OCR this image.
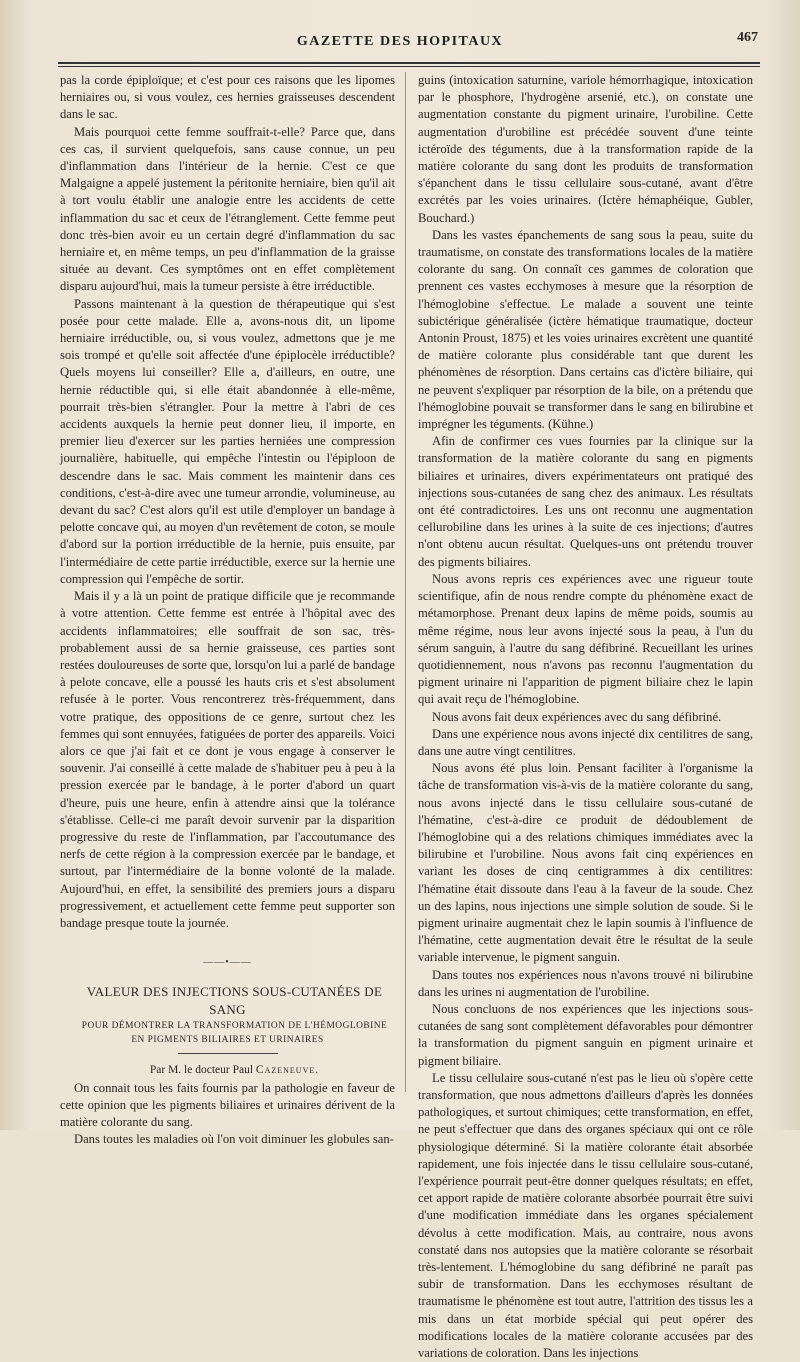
GAZETTE DES HOPITAUX	467

pas la corde épiploïque; et c'est pour ces raisons que les lipomes herniaires ou, si vous voulez, ces hernies graisseuses descendent dans le sac.

Mais pourquoi cette femme souffrait-t-elle? Parce que, dans ces cas, il survient quelquefois, sans cause connue, un peu d'inflammation dans l'intérieur de la hernie. C'est ce que Malgaigne a appelé justement la péritonite herniaire, bien qu'il ait à tort voulu établir une analogie entre les accidents de cette inflammation du sac et ceux de l'étranglement. Cette femme peut donc très-bien avoir eu un certain degré d'inflammation du sac herniaire et, en même temps, un peu d'inflammation de la graisse située au devant. Ces symptômes ont en effet complètement disparu aujourd'hui, mais la tumeur persiste à être irréductible.

Passons maintenant à la question de thérapeutique qui s'est posée pour cette malade. Elle a, avons-nous dit, un lipome herniaire irréductible, ou, si vous voulez, admettons que je me sois trompé et qu'elle soit affectée d'une épiplocèle irréductible? Quels moyens lui conseiller? Elle a, d'ailleurs, en outre, une hernie réductible qui, si elle était abandonnée à elle-même, pourrait très-bien s'étrangler. Pour la mettre à l'abri de ces accidents auxquels la hernie peut donner lieu, il importe, en premier lieu d'exercer sur les parties herniées une compression journalière, habituelle, qui empêche l'intestin ou l'épiploon de descendre dans le sac. Mais comment les maintenir dans ces conditions, c'est-à-dire avec une tumeur arrondie, volumineuse, au devant du sac? C'est alors qu'il est utile d'employer un bandage à pelotte concave qui, au moyen d'un revêtement de coton, se moule d'abord sur la portion irréductible de la hernie, puis ensuite, par l'intermédiaire de cette partie irréductible, exerce sur la hernie une compression qui l'empêche de sortir.

Mais il y a là un point de pratique difficile que je recommande à votre attention. Cette femme est entrée à l'hôpital avec des accidents inflammatoires; elle souffrait de son sac, très-probablement aussi de sa hernie graisseuse, ces parties sont restées douloureuses de sorte que, lorsqu'on lui a parlé de bandage à pelote concave, elle a poussé les hauts cris et s'est absolument refusée à le porter. Vous rencontrerez très-fréquemment, dans votre pratique, des oppositions de ce genre, surtout chez les femmes qui sont ennuyées, fatiguées de porter des appareils. Voici alors ce que j'ai fait et ce dont je vous engage à conserver le souvenir. J'ai conseillé à cette malade de s'habituer peu à peu à la pression exercée par le bandage, à le porter d'abord un quart d'heure, puis une heure, enfin à attendre ainsi que la tolérance s'établisse. Celle-ci me paraît devoir survenir par la disparition progressive du reste de l'inflammation, par l'accoutumance des nerfs de cette région à la compression exercée par le bandage, et surtout, par l'intermédiaire de la bonne volonté de la malade. Aujourd'hui, en effet, la sensibilité des premiers jours a disparu progressivement, et actuellement cette femme peut supporter son bandage presque toute la journée.

——•——

VALEUR DES INJECTIONS SOUS-CUTANÉES DE SANG

POUR DÉMONTRER LA TRANSFORMATION DE L'HÉMOGLOBINE EN PIGMENTS BILIAIRES ET URINAIRES

Par M. le docteur Paul Cazeneuve.

On connait tous les faits fournis par la pathologie en faveur de cette opinion que les pigments biliaires et urinaires dérivent de la matière colorante du sang.

Dans toutes les maladies où l'on voit diminuer les globules san-

guins (intoxication saturnine, variole hémorrhagique, intoxication par le phosphore, l'hydrogène arsenié, etc.), on constate une augmentation constante du pigment urinaire, l'urobiline. Cette augmentation d'urobiline est précédée souvent d'une teinte ictéroïde des téguments, due à la transformation rapide de la matière colorante du sang dont les produits de transformation s'épanchent dans le tissu cellulaire sous-cutané, avant d'être excrétés par les voies urinaires. (Ictère hémaphéique, Gubler, Bouchard.)

Dans les vastes épanchements de sang sous la peau, suite du traumatisme, on constate des transformations locales de la matière colorante du sang. On connaît ces gammes de coloration que prennent ces vastes ecchymoses à mesure que la résorption de l'hémoglobine s'effectue. Le malade a souvent une teinte subictérique généralisée (ictère hématique traumatique, docteur Antonin Proust, 1875) et les voies urinaires excrètent une quantité de matière colorante plus considérable tant que durent les phénomènes de résorption. Dans certains cas d'ictère biliaire, qui ne peuvent s'expliquer par résorption de la bile, on a prétendu que l'hémoglobine pouvait se transformer dans le sang en bilirubine et imprégner les téguments. (Kühne.)

Afin de confirmer ces vues fournies par la clinique sur la transformation de la matière colorante du sang en pigments biliaires et urinaires, divers expérimentateurs ont pratiqué des injections sous-cutanées de sang chez des animaux. Les résultats ont été contradictoires. Les uns ont reconnu une augmentation cellurobiline dans les urines à la suite de ces injections; d'autres n'ont obtenu aucun résultat. Quelques-uns ont prétendu trouver des pigments biliaires.

Nous avons repris ces expériences avec une rigueur toute scientifique, afin de nous rendre compte du phénomène exact de métamorphose. Prenant deux lapins de même poids, soumis au même régime, nous leur avons injecté sous la peau, à l'un du sérum sanguin, à l'autre du sang défibriné. Recueillant les urines quotidiennement, nous n'avons pas reconnu l'augmentation du pigment urinaire ni l'apparition de pigment biliaire chez le lapin qui avait reçu de l'hémoglobine.

Nous avons fait deux expériences avec du sang défibriné.

Dans une expérience nous avons injecté dix centilitres de sang, dans une autre vingt centilitres.

Nous avons été plus loin. Pensant faciliter à l'organisme la tâche de transformation vis-à-vis de la matière colorante du sang, nous avons injecté dans le tissu cellulaire sous-cutané de l'hématine, c'est-à-dire ce produit de dédoublement de l'hémoglobine qui a des relations chimiques immédiates avec la bilirubine et l'urobiline. Nous avons fait cinq expériences en variant les doses de cinq centigrammes à dix centilitres: l'hématine était dissoute dans l'eau à la faveur de la soude. Chez un des lapins, nous injections une simple solution de soude. Si le pigment urinaire augmentait chez le lapin soumis à l'influence de l'hématine, cette augmentation devait être le résultat de la seule variable intervenue, le pigment sanguin.

Dans toutes nos expériences nous n'avons trouvé ni bilirubine dans les urines ni augmentation de l'urobiline.

Nous concluons de nos expériences que les injections sous-cutanées de sang sont complètement défavorables pour démontrer la transformation du pigment sanguin en pigment urinaire et pigment biliaire.

Le tissu cellulaire sous-cutané n'est pas le lieu où s'opère cette transformation, que nous admettons d'ailleurs d'après les données pathologiques, et surtout chimiques; cette transformation, en effet, ne peut s'effectuer que dans des organes spéciaux qui ont ce rôle physiologique déterminé. Si la matière colorante était absorbée rapidement, une fois injectée dans le tissu cellulaire sous-cutané, l'expérience pourrait peut-être donner quelques résultats; en effet, cet apport rapide de matière colorante absorbée pourrait être suivi d'une modification immédiate dans les organes spécialement dévolus à cette modification. Mais, au contraire, nous avons constaté dans nos autopsies que la matière colorante se résorbait très-lentement. L'hémoglobine du sang défibriné ne paraît pas subir de transformation. Dans les ecchymoses résultant de traumatisme le phénomène est tout autre, l'attrition des tissus les a mis dans un état morbide spécial qui peut opérer des modifications locales de la matière colorante accusées par des variations de coloration. Dans les injections
